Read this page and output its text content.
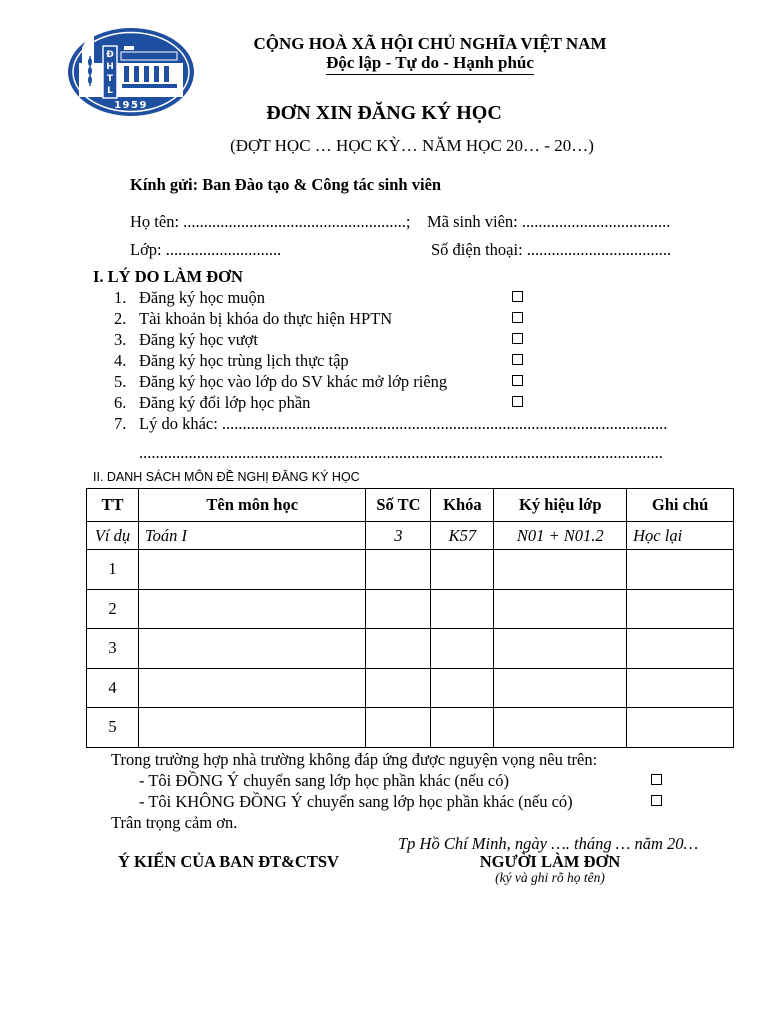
Đ
H
T
L
1959
CỘNG HOÀ XÃ HỘI CHỦ NGHĨA VIỆT NAM
Độc lập - Tự do - Hạnh phúc
ĐƠN XIN ĐĂNG KÝ HỌC
(ĐỢT HỌC … HỌC KỲ… NĂM HỌC 20… - 20…)
Kính gửi: Ban Đào tạo & Công tác sinh viên
Họ tên: ......................................................; Mã sinh viên: ....................................
Lớp: ............................	Số điện thoại: ...................................
I. LÝ DO LÀM ĐƠN
1. Đăng ký học muộn
2. Tài khoản bị khóa do thực hiện HPTN
3. Đăng ký học vượt
4. Đăng ký học trùng lịch thực tập
5. Đăng ký học vào lớp do SV khác mở lớp riêng
6. Đăng ký đổi lớp học phần
7. Lý do khác: ............................................................................................................
...............................................................................................................................
II. DANH SÁCH MÔN ĐỀ NGHỊ ĐĂNG KÝ HỌC
TT	Tên môn học	Số TC	Khóa	Ký hiệu lớp	Ghi chú
Ví dụ	Toán I	3	K57	N01 + N01.2	Học lại
1					
2					
3					
4					
5					
Trong trường hợp nhà trường không đáp ứng được nguyện vọng nêu trên:
- Tôi ĐỒNG Ý chuyển sang lớp học phần khác (nếu có)
- Tôi KHÔNG ĐỒNG Ý chuyển sang lớp học phần khác (nếu có)
Trân trọng cảm ơn.
Tp Hồ Chí Minh, ngày …. tháng … năm 20…
Ý KIẾN CỦA BAN ĐT&CTSV	NGƯỜI LÀM ĐƠN
(ký và ghi rõ họ tên)
